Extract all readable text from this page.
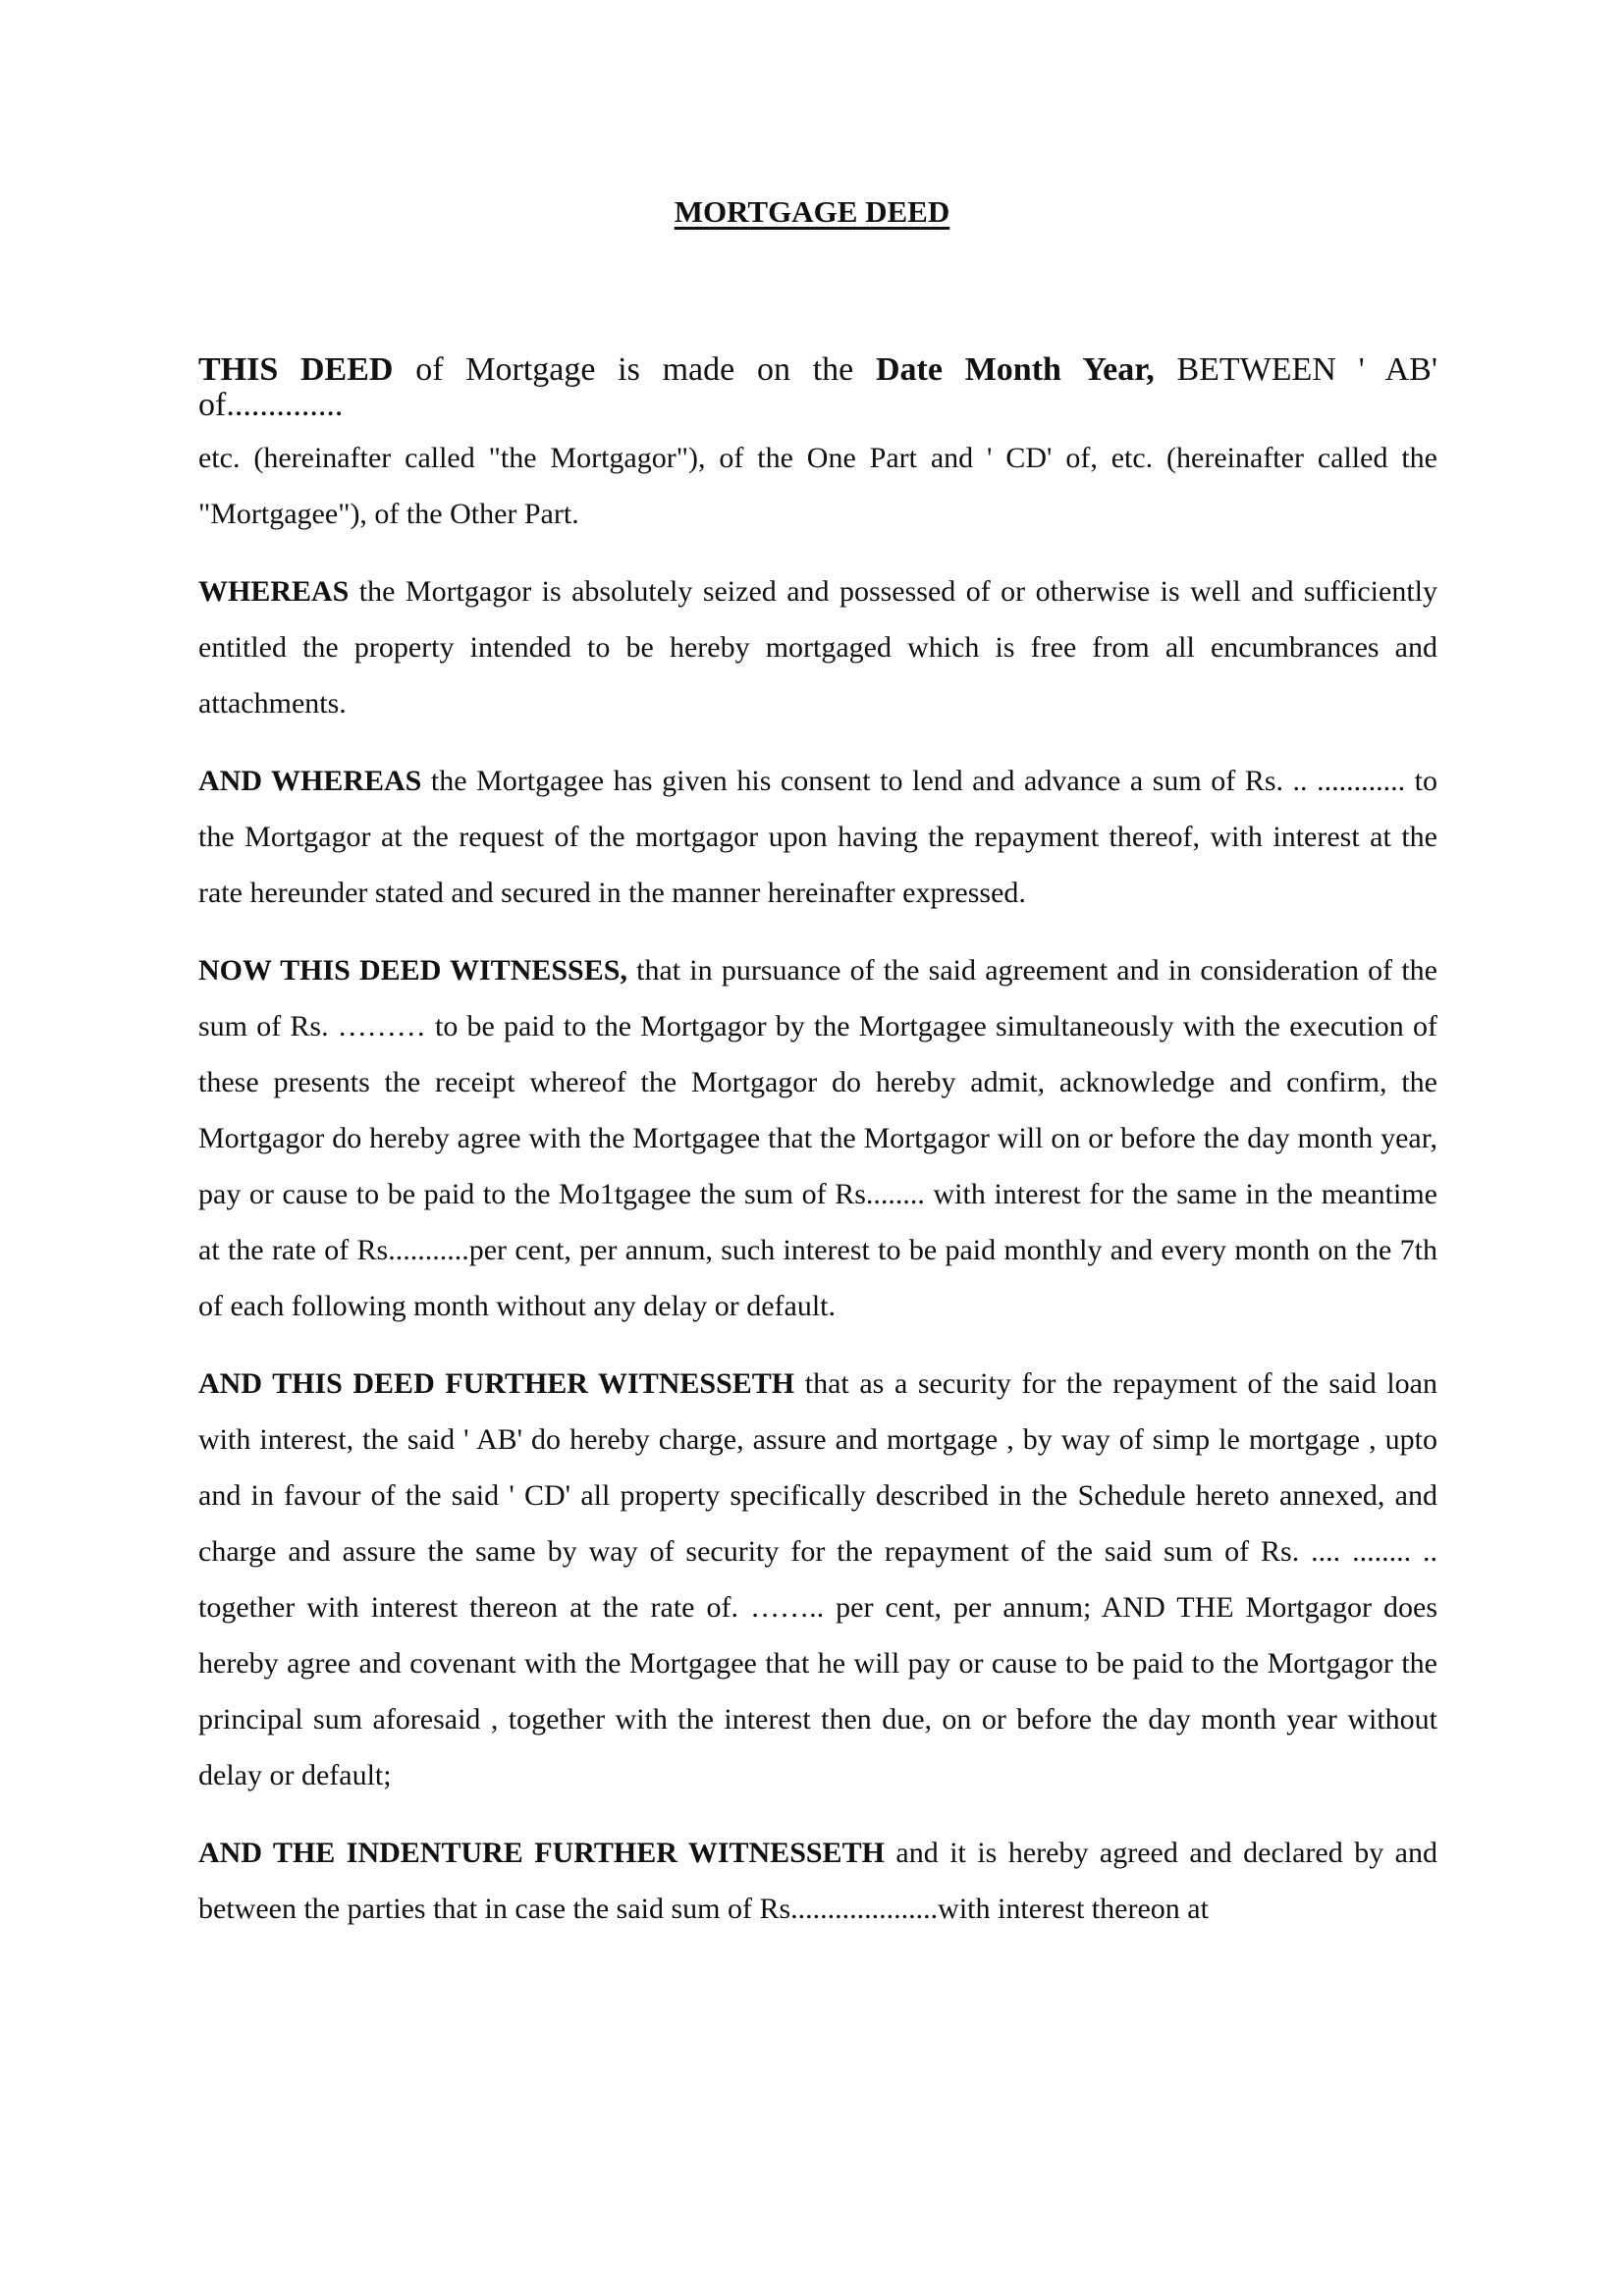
MORTGAGE DEED
THIS DEED of Mortgage is made on the Date Month Year, BETWEEN ' AB'
of..............

etc. (hereinafter called "the Mortgagor"), of the One Part and ' CD' of, etc. (hereinafter called the "Mortgagee"), of the Other Part.

WHEREAS the Mortgagor is absolutely seized and possessed of or otherwise is well and sufficiently entitled the property intended to be hereby mortgaged which is free from all encumbrances and attachments.

AND WHEREAS the Mortgagee has given his consent to lend and advance a sum of Rs. .. ............ to the Mortgagor at the request of the mortgagor upon having the repayment thereof, with interest at the rate hereunder stated and secured in the manner hereinafter expressed.

NOW THIS DEED WITNESSES, that in pursuance of the said agreement and in consideration of the sum of Rs. ……… to be paid to the Mortgagor by the Mortgagee simultaneously with the execution of these presents the receipt whereof the Mortgagor do hereby admit, acknowledge and confirm, the Mortgagor do hereby agree with the Mortgagee that the Mortgagor will on or before the day month year, pay or cause to be paid to the Mo1tgagee the sum of Rs........ with interest for the same in the meantime at the rate of Rs...........per cent, per annum, such interest to be paid monthly and every month on the 7th of each following month without any delay or default.

AND THIS DEED FURTHER WITNESSETH that as a security for the repayment of the said loan with interest, the said ' AB' do hereby charge, assure and mortgage , by way of simp le mortgage , upto and in favour of the said ' CD' all property specifically described in the Schedule hereto annexed, and charge and assure the same by way of security for the repayment of the said sum of Rs. .... ........ .. together with interest thereon at the rate of. …….. per cent, per annum; AND THE Mortgagor does hereby agree and covenant with the Mortgagee that he will pay or cause to be paid to the Mortgagor the principal sum aforesaid , together with the interest then due, on or before the day month year without delay or default;

AND THE INDENTURE FURTHER WITNESSETH and it is hereby agreed and declared by and between the parties that in case the said sum of Rs....................with interest thereon at
